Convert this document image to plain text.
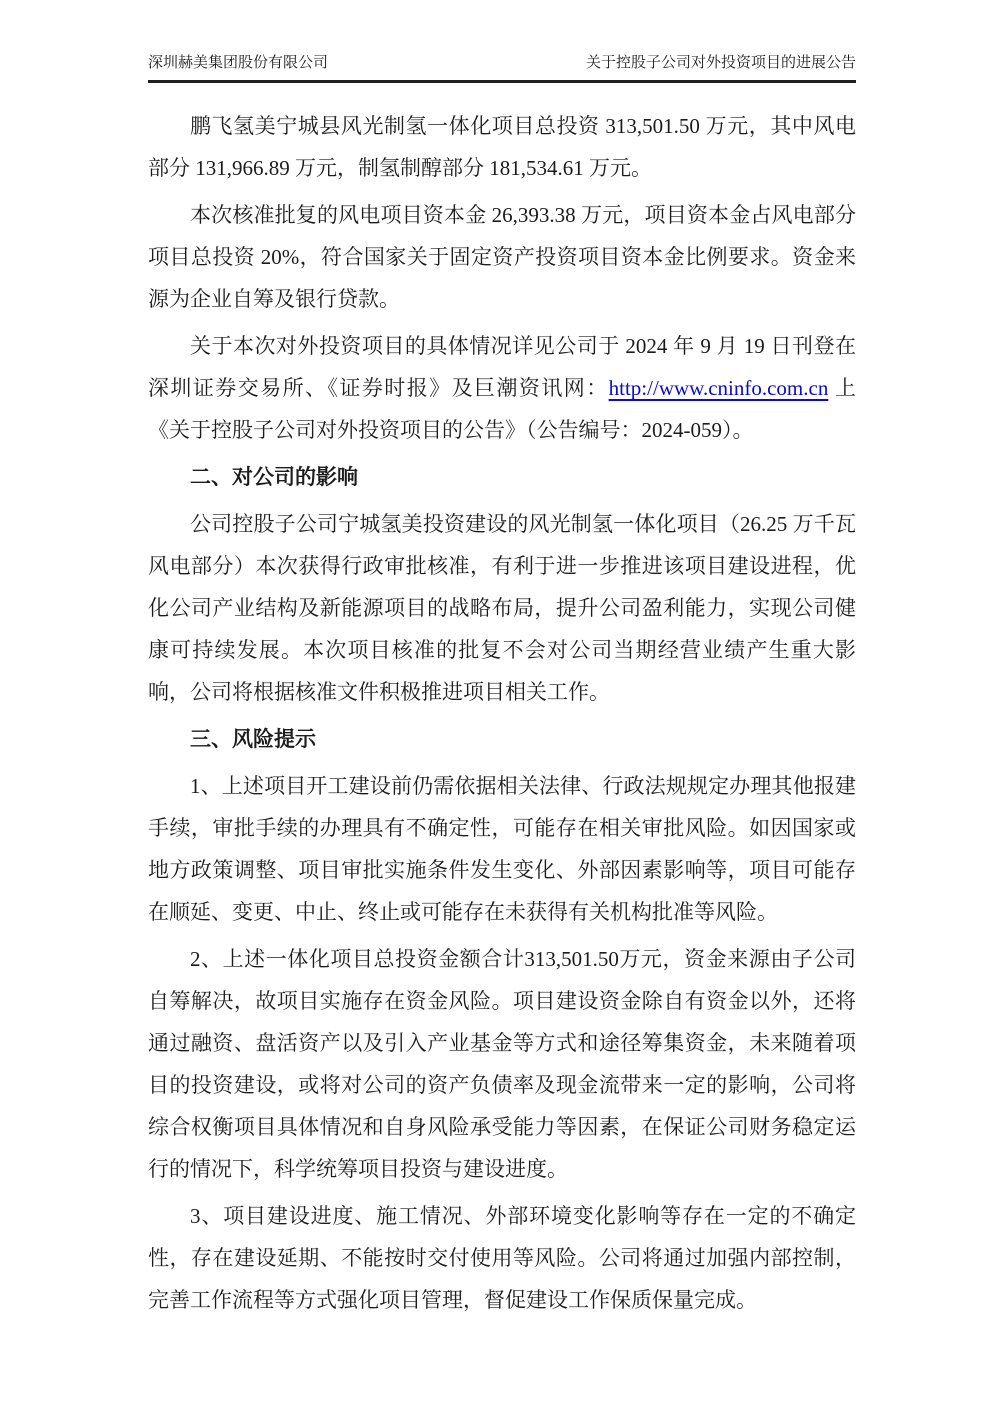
深圳赫美集团股份有限公司	关于控股子公司对外投资项目的进展公告

鹏飞氢美宁城县风光制氢一体化项目总投资 313,501.50 万元，其中风电部分 131,966.89 万元，制氢制醇部分 181,534.61 万元。

本次核准批复的风电项目资本金 26,393.38 万元，项目资本金占风电部分项目总投资 20%，符合国家关于固定资产投资项目资本金比例要求。资金来源为企业自筹及银行贷款。

关于本次对外投资项目的具体情况详见公司于 2024 年 9 月 19 日刊登在深圳证券交易所、《证券时报》及巨潮资讯网：http://www.cninfo.com.cn 上《关于控股子公司对外投资项目的公告》（公告编号：2024-059）。

二、对公司的影响

公司控股子公司宁城氢美投资建设的风光制氢一体化项目（26.25 万千瓦风电部分）本次获得行政审批核准，有利于进一步推进该项目建设进程，优化公司产业结构及新能源项目的战略布局，提升公司盈利能力，实现公司健康可持续发展。本次项目核准的批复不会对公司当期经营业绩产生重大影响，公司将根据核准文件积极推进项目相关工作。

三、风险提示

1、上述项目开工建设前仍需依据相关法律、行政法规规定办理其他报建手续，审批手续的办理具有不确定性，可能存在相关审批风险。如因国家或地方政策调整、项目审批实施条件发生变化、外部因素影响等，项目可能存在顺延、变更、中止、终止或可能存在未获得有关机构批准等风险。

2、上述一体化项目总投资金额合计313,501.50万元，资金来源由子公司自筹解决，故项目实施存在资金风险。项目建设资金除自有资金以外，还将通过融资、盘活资产以及引入产业基金等方式和途径筹集资金，未来随着项目的投资建设，或将对公司的资产负债率及现金流带来一定的影响，公司将综合权衡项目具体情况和自身风险承受能力等因素，在保证公司财务稳定运行的情况下，科学统筹项目投资与建设进度。

3、项目建设进度、施工情况、外部环境变化影响等存在一定的不确定性，存在建设延期、不能按时交付使用等风险。公司将通过加强内部控制，完善工作流程等方式强化项目管理，督促建设工作保质保量完成。
